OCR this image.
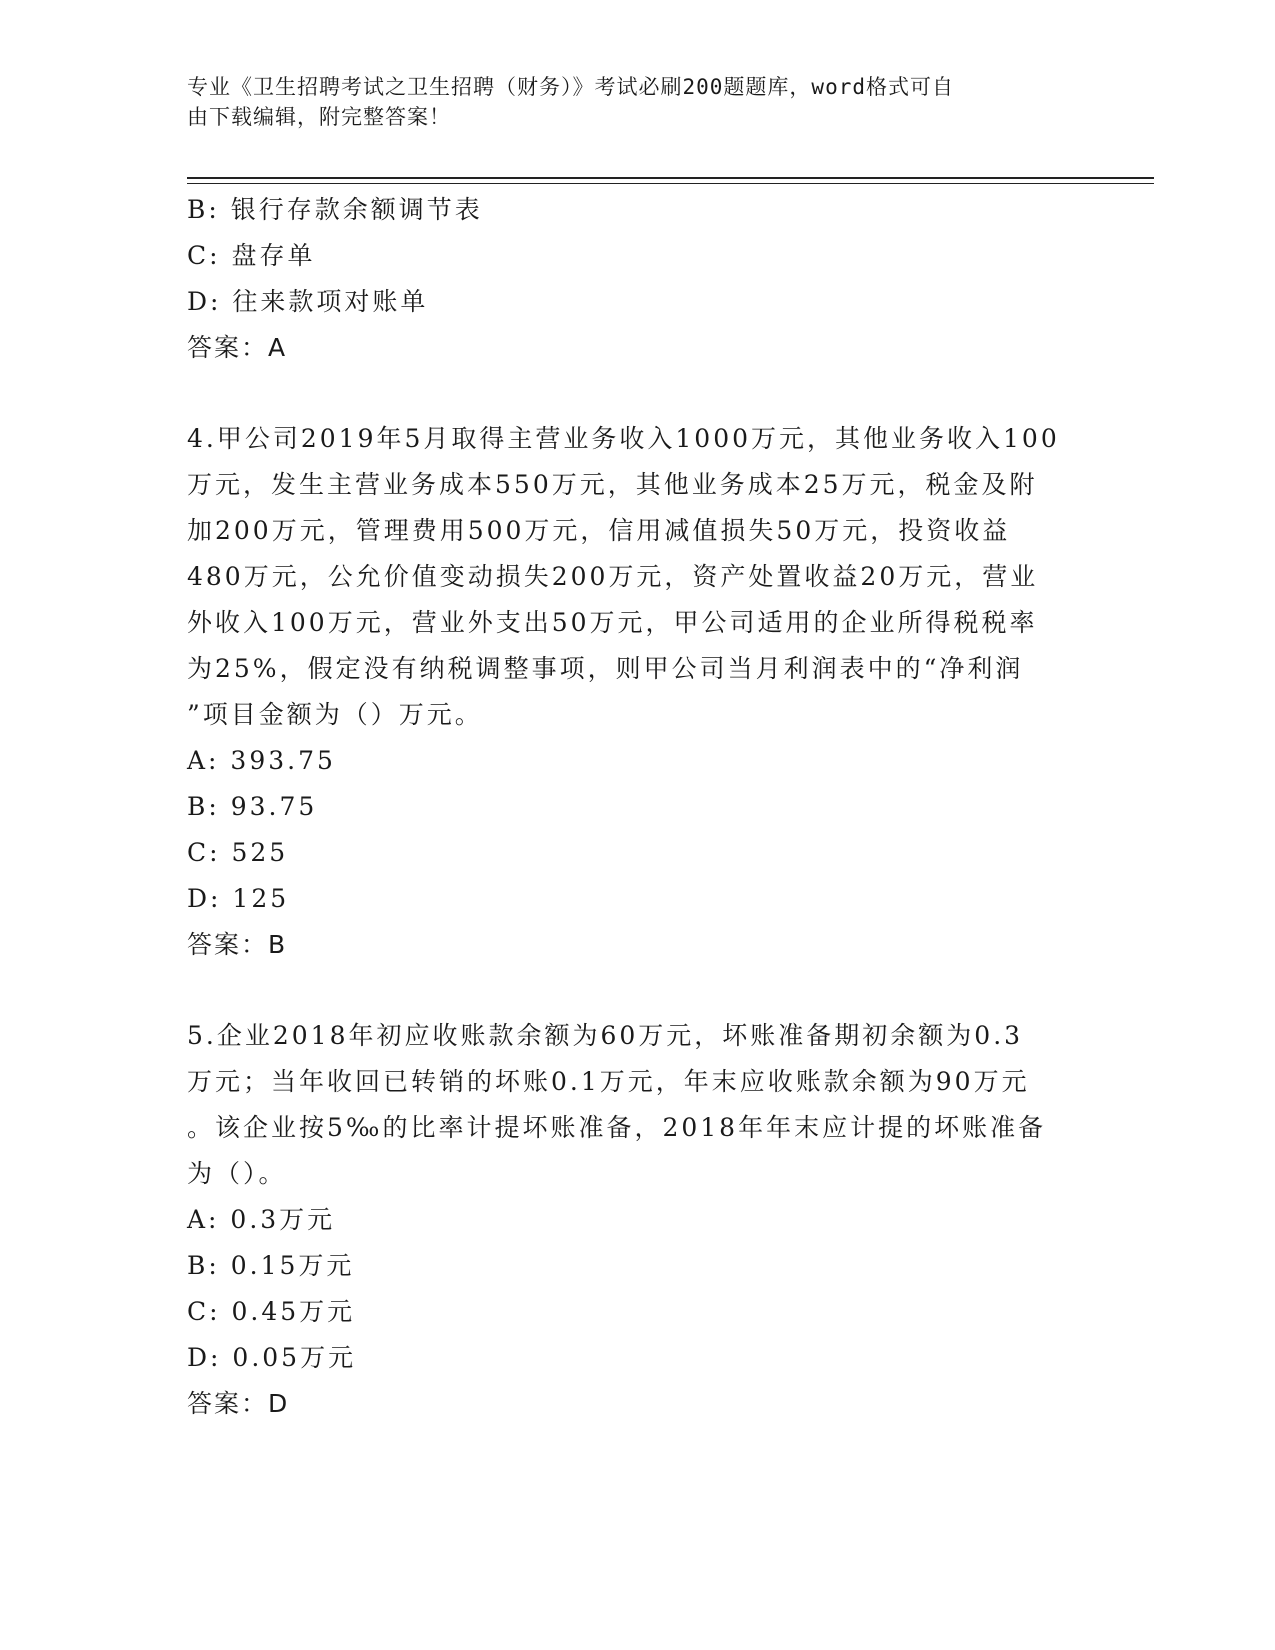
专业《卫生招聘考试之卫生招聘（财务）》考试必刷200题题库，word格式可自
由下载编辑，附完整答案！
B: 银行存款余额调节表
C: 盘存单
D: 往来款项对账单
答案：A
4.甲公司2019年5月取得主营业务收入1000万元，其他业务收入100
万元，发生主营业务成本550万元，其他业务成本25万元，税金及附
加200万元，管理费用500万元，信用减值损失50万元，投资收益
480万元，公允价值变动损失200万元，资产处置收益20万元，营业
外收入100万元，营业外支出50万元，甲公司适用的企业所得税税率
为25%，假定没有纳税调整事项，则甲公司当月利润表中的“净利润
”项目金额为（）万元。
A: 393.75
B: 93.75
C: 525
D: 125
答案：B
5.企业2018年初应收账款余额为60万元，坏账准备期初余额为0.3
万元；当年收回已转销的坏账0.1万元，年末应收账款余额为90万元
。该企业按5‰的比率计提坏账准备，2018年年末应计提的坏账准备
为（）。
A: 0.3万元
B: 0.15万元
C: 0.45万元
D: 0.05万元
答案：D
